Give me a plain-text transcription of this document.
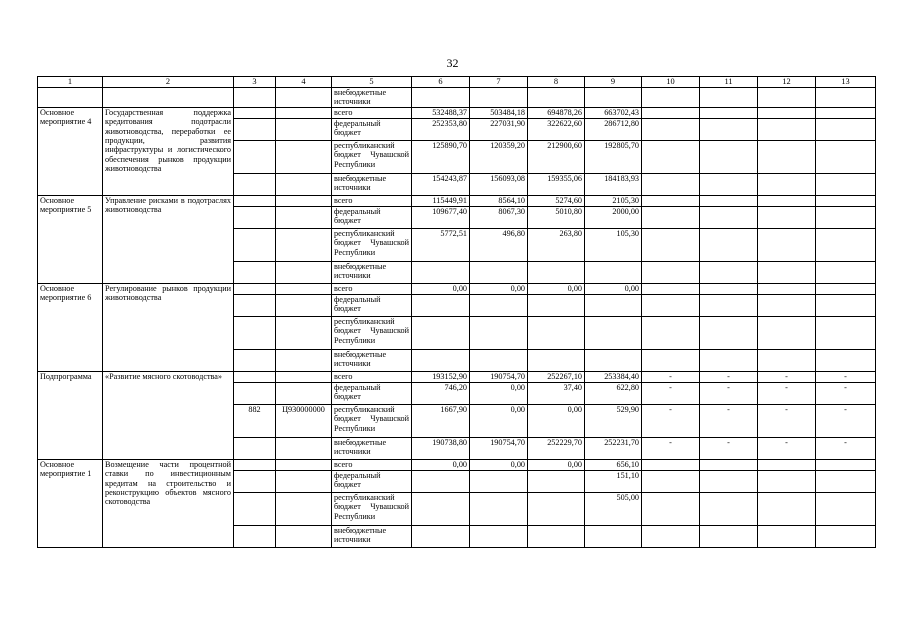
32
1	2	3	4	5	6	7	8	9	10	11	12	13
				внебюджетные источники								
Основное мероприятие 4	Государственная поддержка кредитования подотрасли животноводства, переработки ее продукции, развития инфраструктуры и логистического обеспечения рынков продукции животноводства			всего	532488,37	503484,18	694878,26	663702,43				
				федеральный бюджет	252353,80	227031,90	322622,60	286712,80				
				республиканский бюджет Чувашской Республики	125890,70	120359,20	212900,60	192805,70				
				внебюджетные источники	154243,87	156093,08	159355,06	184183,93				
Основное мероприятие 5	Управление рисками в подотраслях животноводства			всего	115449,91	8564,10	5274,60	2105,30				
				федеральный бюджет	109677,40	8067,30	5010,80	2000,00				
				республиканский бюджет Чувашской Республики	5772,51	496,80	263,80	105,30				
				внебюджетные источники								
Основное мероприятие 6	Регулирование рынков продукции животноводства			всего	0,00	0,00	0,00	0,00				
				федеральный бюджет								
				республиканский бюджет Чувашской Республики								
				внебюджетные источники								
Подпрограмма	«Развитие мясного скотоводства»			всего	193152,90	190754,70	252267,10	253384,40	-	-	-	-
				федеральный бюджет	746,20	0,00	37,40	622,80	-	-	-	-
		882	Ц930000000	республиканский бюджет Чувашской Республики	1667,90	0,00	0,00	529,90	-	-	-	-
				внебюджетные источники	190738,80	190754,70	252229,70	252231,70	-	-	-	-
Основное мероприятие 1	Возмещение части процентной ставки по инвестиционным кредитам на строительство и реконструкцию объектов мясного скотоводства			всего	0,00	0,00	0,00	656,10				
				федеральный бюджет				151,10				
				республиканский бюджет Чувашской Республики				505,00				
				внебюджетные источники								
